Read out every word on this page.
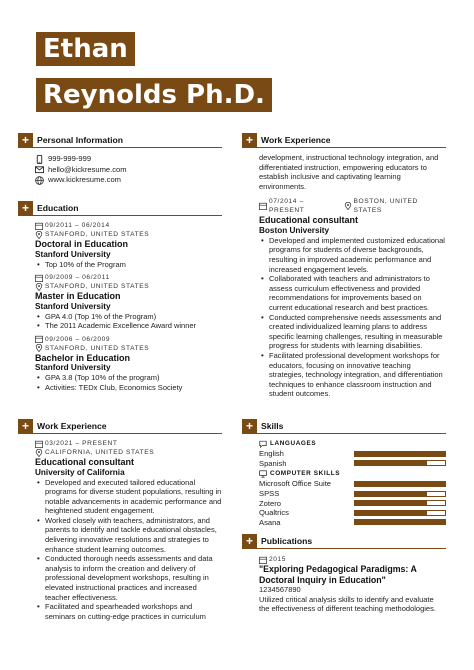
Ethan
Reynolds Ph.D.
+ Personal Information
999-999-999
hello@kickresume.com
www.kickresume.com
+ Education
09/2011 – 06/2014
STANFORD, UNITED STATES
Doctoral in Education
Stanford University
• Top 10% of the Program
09/2009 – 06/2011
STANFORD, UNITED STATES
Master in Education
Stanford University
• GPA 4.0 (Top 1% of the Program)
• The 2011 Academic Excellence Award winner
09/2006 – 06/2009
STANFORD, UNITED STATES
Bachelor in Education
Stanford University
• GPA 3.8 (Top 10% of the program)
• Activities: TEDx Club, Economics Society
+ Work Experience
03/2021 – PRESENT
CALIFORNIA, UNITED STATES
Educational consultant
University of California
• Developed and executed tailored educational programs for diverse student populations, resulting in notable advancements in academic performance and heightened student engagement.
• Worked closely with teachers, administrators, and parents to identify and tackle educational obstacles, delivering innovative resolutions and strategies to enhance student learning outcomes.
• Conducted thorough needs assessments and data analysis to inform the creation and delivery of professional development workshops, resulting in elevated instructional practices and increased teacher effectiveness.
• Facilitated and spearheaded workshops and seminars on cutting-edge practices in curriculum
+ Work Experience
development, instructional technology integration, and differentiated instruction, empowering educators to establish inclusive and captivating learning environments.
07/2014 – PRESENT
BOSTON, UNITED STATES
Educational consultant
Boston University
• Developed and implemented customized educational programs for students of diverse backgrounds, resulting in improved academic performance and increased engagement levels.
• Collaborated with teachers and administrators to assess curriculum effectiveness and provided recommendations for improvements based on current educational research and best practices.
• Conducted comprehensive needs assessments and created individualized learning plans to address specific learning challenges, resulting in measurable progress for students with learning disabilities.
• Facilitated professional development workshops for educators, focusing on innovative teaching strategies, technology integration, and differentiation techniques to enhance classroom instruction and student outcomes.
+ Skills
LANGUAGES
English
Spanish
COMPUTER SKILLS
Microsoft Office Suite
SPSS
Zotero
Qualtrics
Asana
+ Publications
2015
"Exploring Pedagogical Paradigms: A Doctoral Inquiry in Education"
1234567890
Utilized critical analysis skills to identify and evaluate the effectiveness of different teaching methodologies.
